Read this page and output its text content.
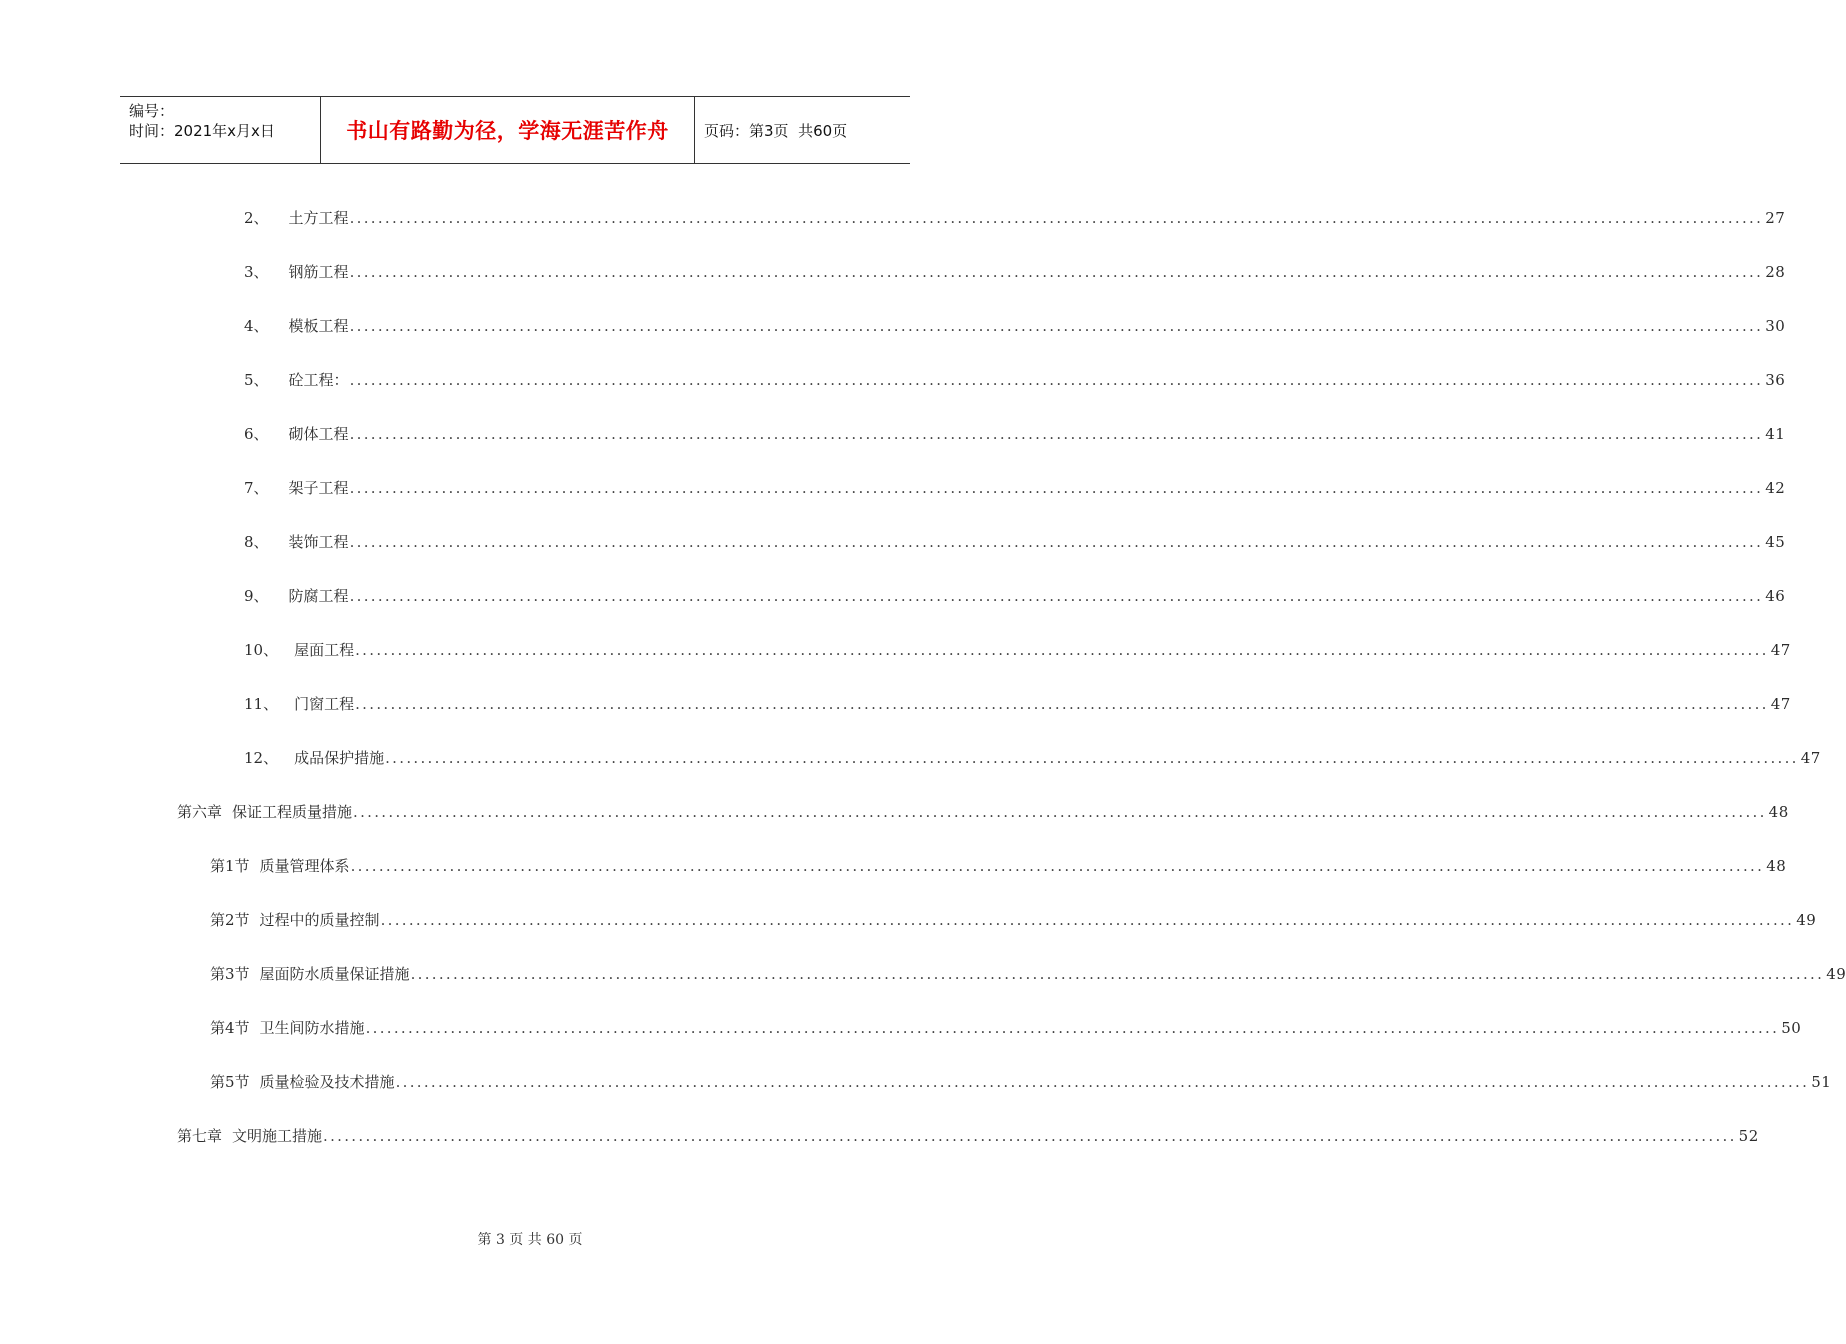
编号：
时间：2021年x月x日	书山有路勤为径，学海无涯苦作舟	页码：第3页  共60页
2、 土方工程 ........................................................................................................................................................................................................ 27
3、 钢筋工程 ........................................................................................................................................................................................................ 28
4、 模板工程 ........................................................................................................................................................................................................ 30
5、 砼工程： ........................................................................................................................................................................................................ 36
6、 砌体工程 ........................................................................................................................................................................................................ 41
7、 架子工程 ........................................................................................................................................................................................................ 42
8、 装饰工程 ........................................................................................................................................................................................................ 45
9、 防腐工程 ........................................................................................................................................................................................................ 46
10、 屋面工程 ........................................................................................................................................................................................................ 47
11、 门窗工程 ........................................................................................................................................................................................................ 47
12、 成品保护措施 ........................................................................................................................................................................................................ 47
第六章 保证工程质量措施 ........................................................................................................................................................................................................ 48
第1节 质量管理体系 ........................................................................................................................................................................................................ 48
第2节 过程中的质量控制 ........................................................................................................................................................................................................ 49
第3节 屋面防水质量保证措施 ........................................................................................................................................................................................................ 49
第4节 卫生间防水措施 ........................................................................................................................................................................................................ 50
第5节 质量检验及技术措施 ........................................................................................................................................................................................................ 51
第七章 文明施工措施 ........................................................................................................................................................................................................ 52
第 3 页 共 60 页
